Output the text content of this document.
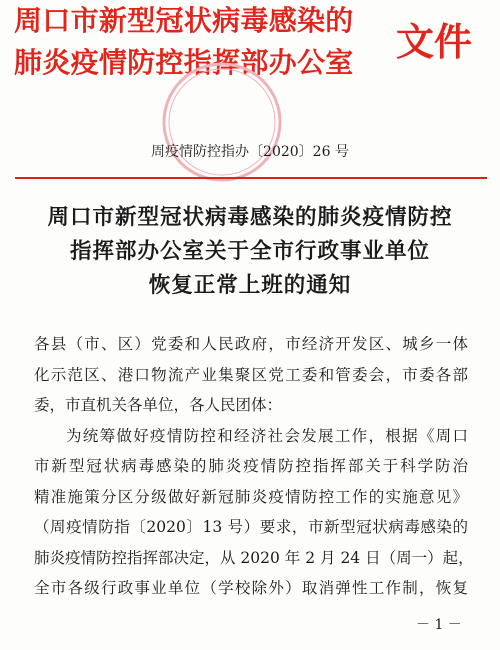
周口市新型冠状病毒感染的
肺炎疫情防控指挥部办公室 文件
周疫情防控指办〔2020〕26 号
周口市新型冠状病毒感染的肺炎疫情防控
指挥部办公室关于全市行政事业单位
恢复正常上班的通知
各县（市、区）党委和人民政府，市经济开发区、城乡一体
化示范区、港口物流产业集聚区党工委和管委会，市委各部
委，市直机关各单位，各人民团体：
为统筹做好疫情防控和经济社会发展工作，根据《周口
市新型冠状病毒感染的肺炎疫情防控指挥部关于科学防治
精准施策分区分级做好新冠肺炎疫情防控工作的实施意见》
（周疫情防指〔2020〕13 号）要求，市新型冠状病毒感染的
肺炎疫情防控指挥部决定，从 2020 年 2 月 24 日（周一）起，
全市各级行政事业单位（学校除外）取消弹性工作制，恢复
－ 1 －
